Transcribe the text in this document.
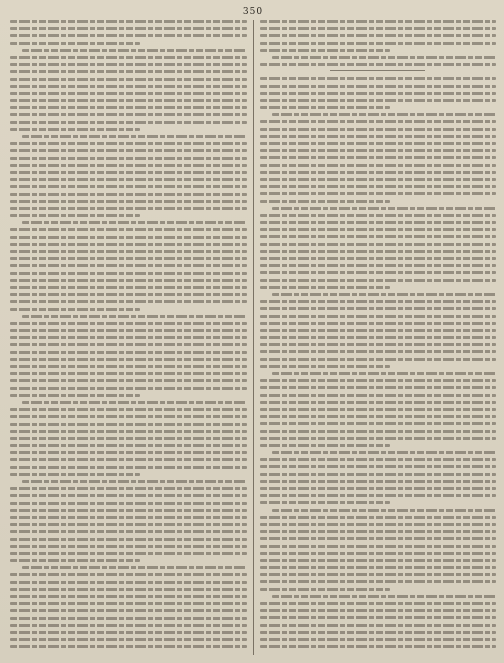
350
